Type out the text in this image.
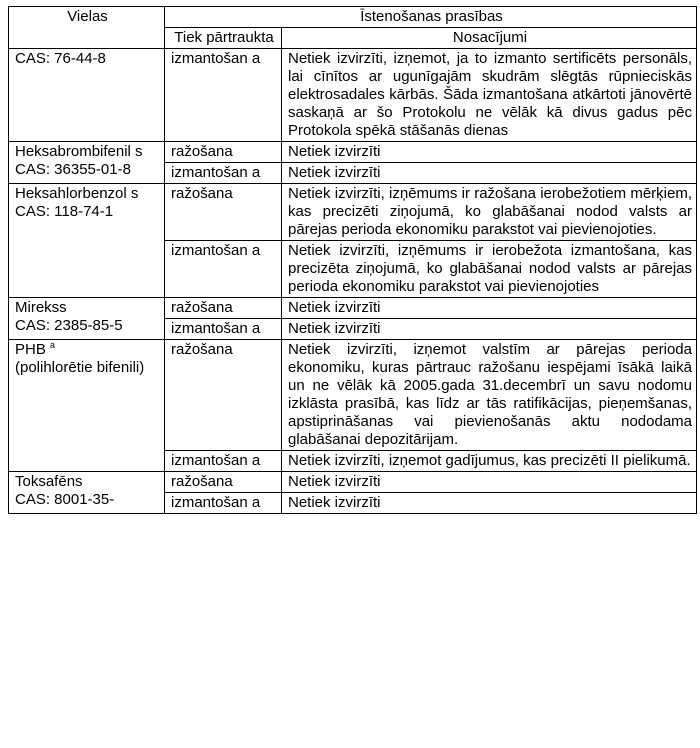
Vielas	Īstenošanas prasības	
	Tiek pārtraukta	Nosacījumi

CAS: 76-44-8	izmantošan a	Netiek izvirzīti, izņemot, ja to izmanto sertificēts personāls, lai cīnītos ar ugunīgajām skudrām slēgtās rūpnieciskās elektrosadales kārbās. Šāda izmantošana atkārtoti jānovērtē saskaņā ar šo Protokolu ne vēlāk kā divus gadus pēc Protokola spēkā stāšanās dienas

Heksabrombifenil s
CAS: 36355-01-8	ražošana	Netiek izvirzīti
	izmantošan a	Netiek izvirzīti

Heksahlorbenzol s
CAS: 118-74-1	ražošana	Netiek izvirzīti, izņēmums ir ražošana ierobežotiem mērķiem, kas precizēti ziņojumā, ko glabāšanai nodod valsts ar pārejas perioda ekonomiku parakstot vai pievienojoties.
	izmantošan a	Netiek izvirzīti, izņēmums ir ierobežota izmantošana, kas precizēta ziņojumā, ko glabāšanai nodod valsts ar pārejas perioda ekonomiku parakstot vai pievienojoties

Mirekss
CAS: 2385-85-5	ražošana	Netiek izvirzīti
	izmantošan a	Netiek izvirzīti

PHB $^a$
(polihlorētie bifenili)	ražošana	Netiek izvirzīti, izņemot valstīm ar pārejas perioda ekonomiku, kuras pārtrauc ražošanu iespējami īsākā laikā un ne vēlāk kā 2005.gada 31.decembrī un savu nodomu izklāsta prasībā, kas līdz ar tās ratifikācijas, pieņemšanas, apstiprināšanas vai pievienošanās aktu nododama glabāšanai depozitārijam.
	izmantošan a	Netiek izvirzīti, izņemot gadījumus, kas precizēti II pielikumā.

Toksafēns
CAS: 8001-35-	ražošana	Netiek izvirzīti
	izmantošan a	Netiek izvirzīti
